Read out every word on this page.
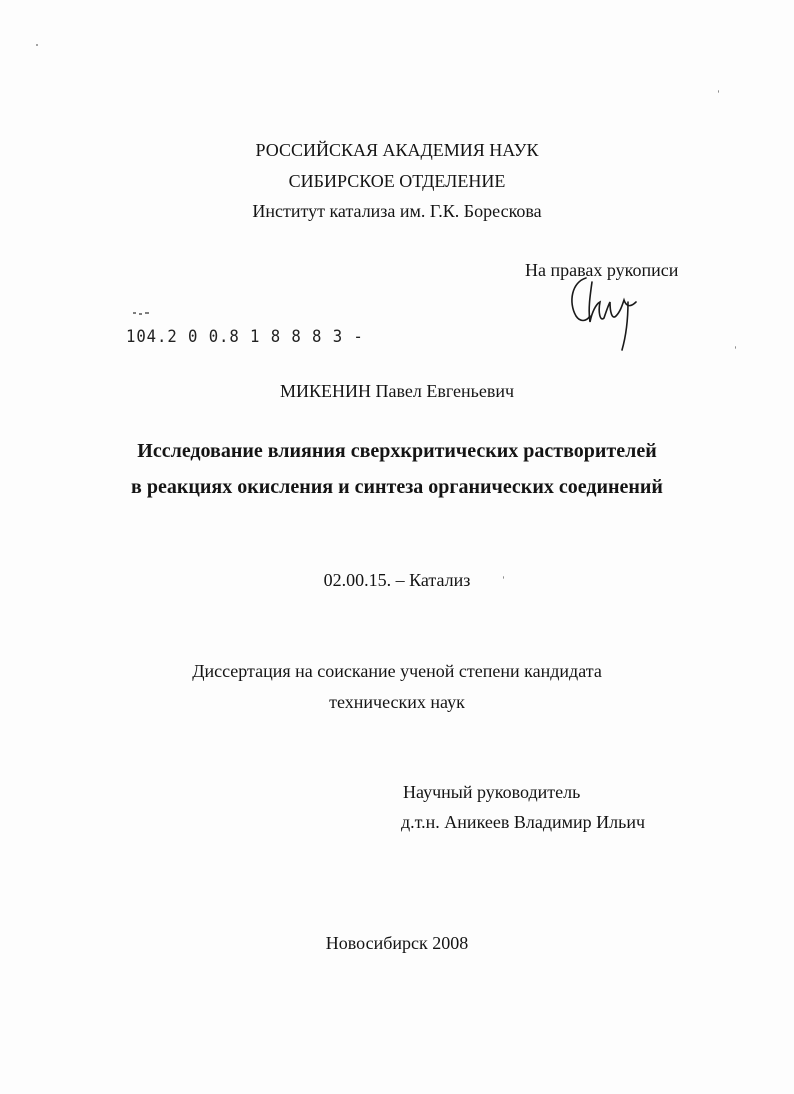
РОССИЙСКАЯ АКАДЕМИЯ НАУК
СИБИРСКОЕ ОТДЕЛЕНИЕ
Институт катализа им. Г.К. Борескова
На правах рукописи
104.2 0 0.8 1 8 8 8 3 -
МИКЕНИН Павел Евгеньевич
Исследование влияния сверхкритических растворителей
в реакциях окисления и синтеза органических соединений
02.00.15. – Катализ
Диссертация на соискание ученой степени кандидата
технических наук
Научный руководитель
д.т.н. Аникеев Владимир Ильич
Новосибирск 2008
